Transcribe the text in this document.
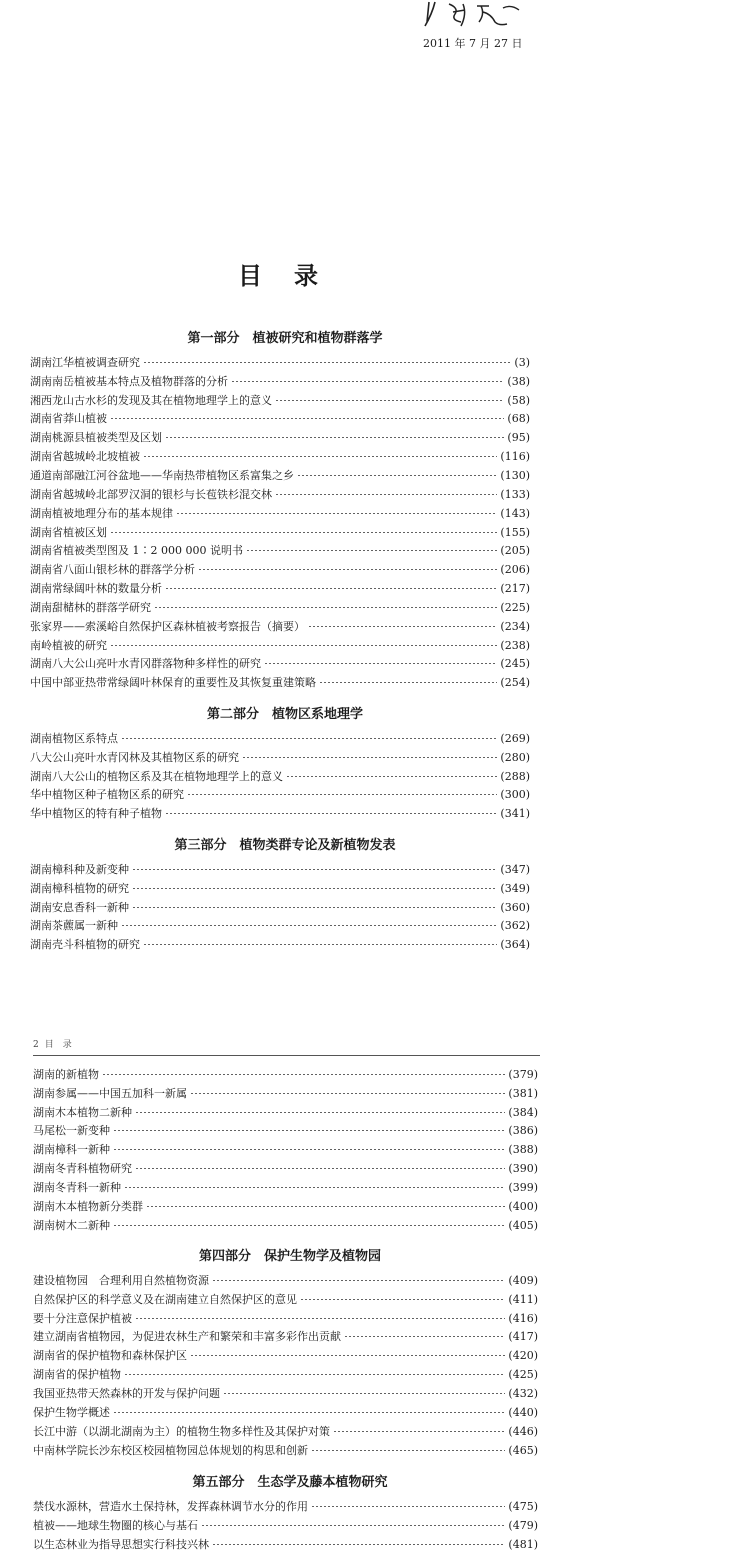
2011 年 7 月 27 日
目　录
第一部分　植被研究和植物群落学
湖南江华植被调查研究	(3)
湖南南岳植被基本特点及植物群落的分析	(38)
湘西龙山古水杉的发现及其在植物地理学上的意义	(58)
湖南省莽山植被	(68)
湖南桃源县植被类型及区划	(95)
湖南省越城岭北坡植被	(116)
通道南部融江河谷盆地——华南热带植物区系富集之乡	(130)
湖南省越城岭北部罗汉洞的银杉与长苞铁杉混交林	(133)
湖南植被地理分布的基本规律	(143)
湖南省植被区划	(155)
湖南省植被类型图及 1∶2 000 000 说明书	(205)
湖南省八面山银杉林的群落学分析	(206)
湖南常绿阔叶林的数量分析	(217)
湖南甜槠林的群落学研究	(225)
张家界——索溪峪自然保护区森林植被考察报告（摘要）	(234)
南岭植被的研究	(238)
湖南八大公山亮叶水青冈群落物种多样性的研究	(245)
中国中部亚热带常绿阔叶林保育的重要性及其恢复重建策略	(254)
第二部分　植物区系地理学
湖南植物区系特点	(269)
八大公山亮叶水青冈林及其植物区系的研究	(280)
湖南八大公山的植物区系及其在植物地理学上的意义	(288)
华中植物区种子植物区系的研究	(300)
华中植物区的特有种子植物	(341)
第三部分　植物类群专论及新植物发表
湖南樟科种及新变种	(347)
湖南樟科植物的研究	(349)
湖南安息香科一新种	(360)
湖南茶藨属一新种	(362)
湖南壳斗科植物的研究	(364)
2 目　录
湖南的新植物	(379)
湖南参属——中国五加科一新属	(381)
湖南木本植物二新种	(384)
马尾松一新变种	(386)
湖南樟科一新种	(388)
湖南冬青科植物研究	(390)
湖南冬青科一新种	(399)
湖南木本植物新分类群	(400)
湖南树木二新种	(405)
第四部分　保护生物学及植物园
建设植物园　合理利用自然植物资源	(409)
自然保护区的科学意义及在湖南建立自然保护区的意见	(411)
要十分注意保护植被	(416)
建立湖南省植物园，为促进农林生产和繁荣和丰富多彩作出贡献	(417)
湖南省的保护植物和森林保护区	(420)
湖南省的保护植物	(425)
我国亚热带天然森林的开发与保护问题	(432)
保护生物学概述	(440)
长江中游（以湖北湖南为主）的植物生物多样性及其保护对策	(446)
中南林学院长沙东校区校园植物园总体规划的构思和创新	(465)
第五部分　生态学及藤本植物研究
禁伐水源林，营造水土保持林，发挥森林调节水分的作用	(475)
植被——地球生物圈的核心与基石	(479)
以生态林业为指导思想实行科技兴林	(481)
